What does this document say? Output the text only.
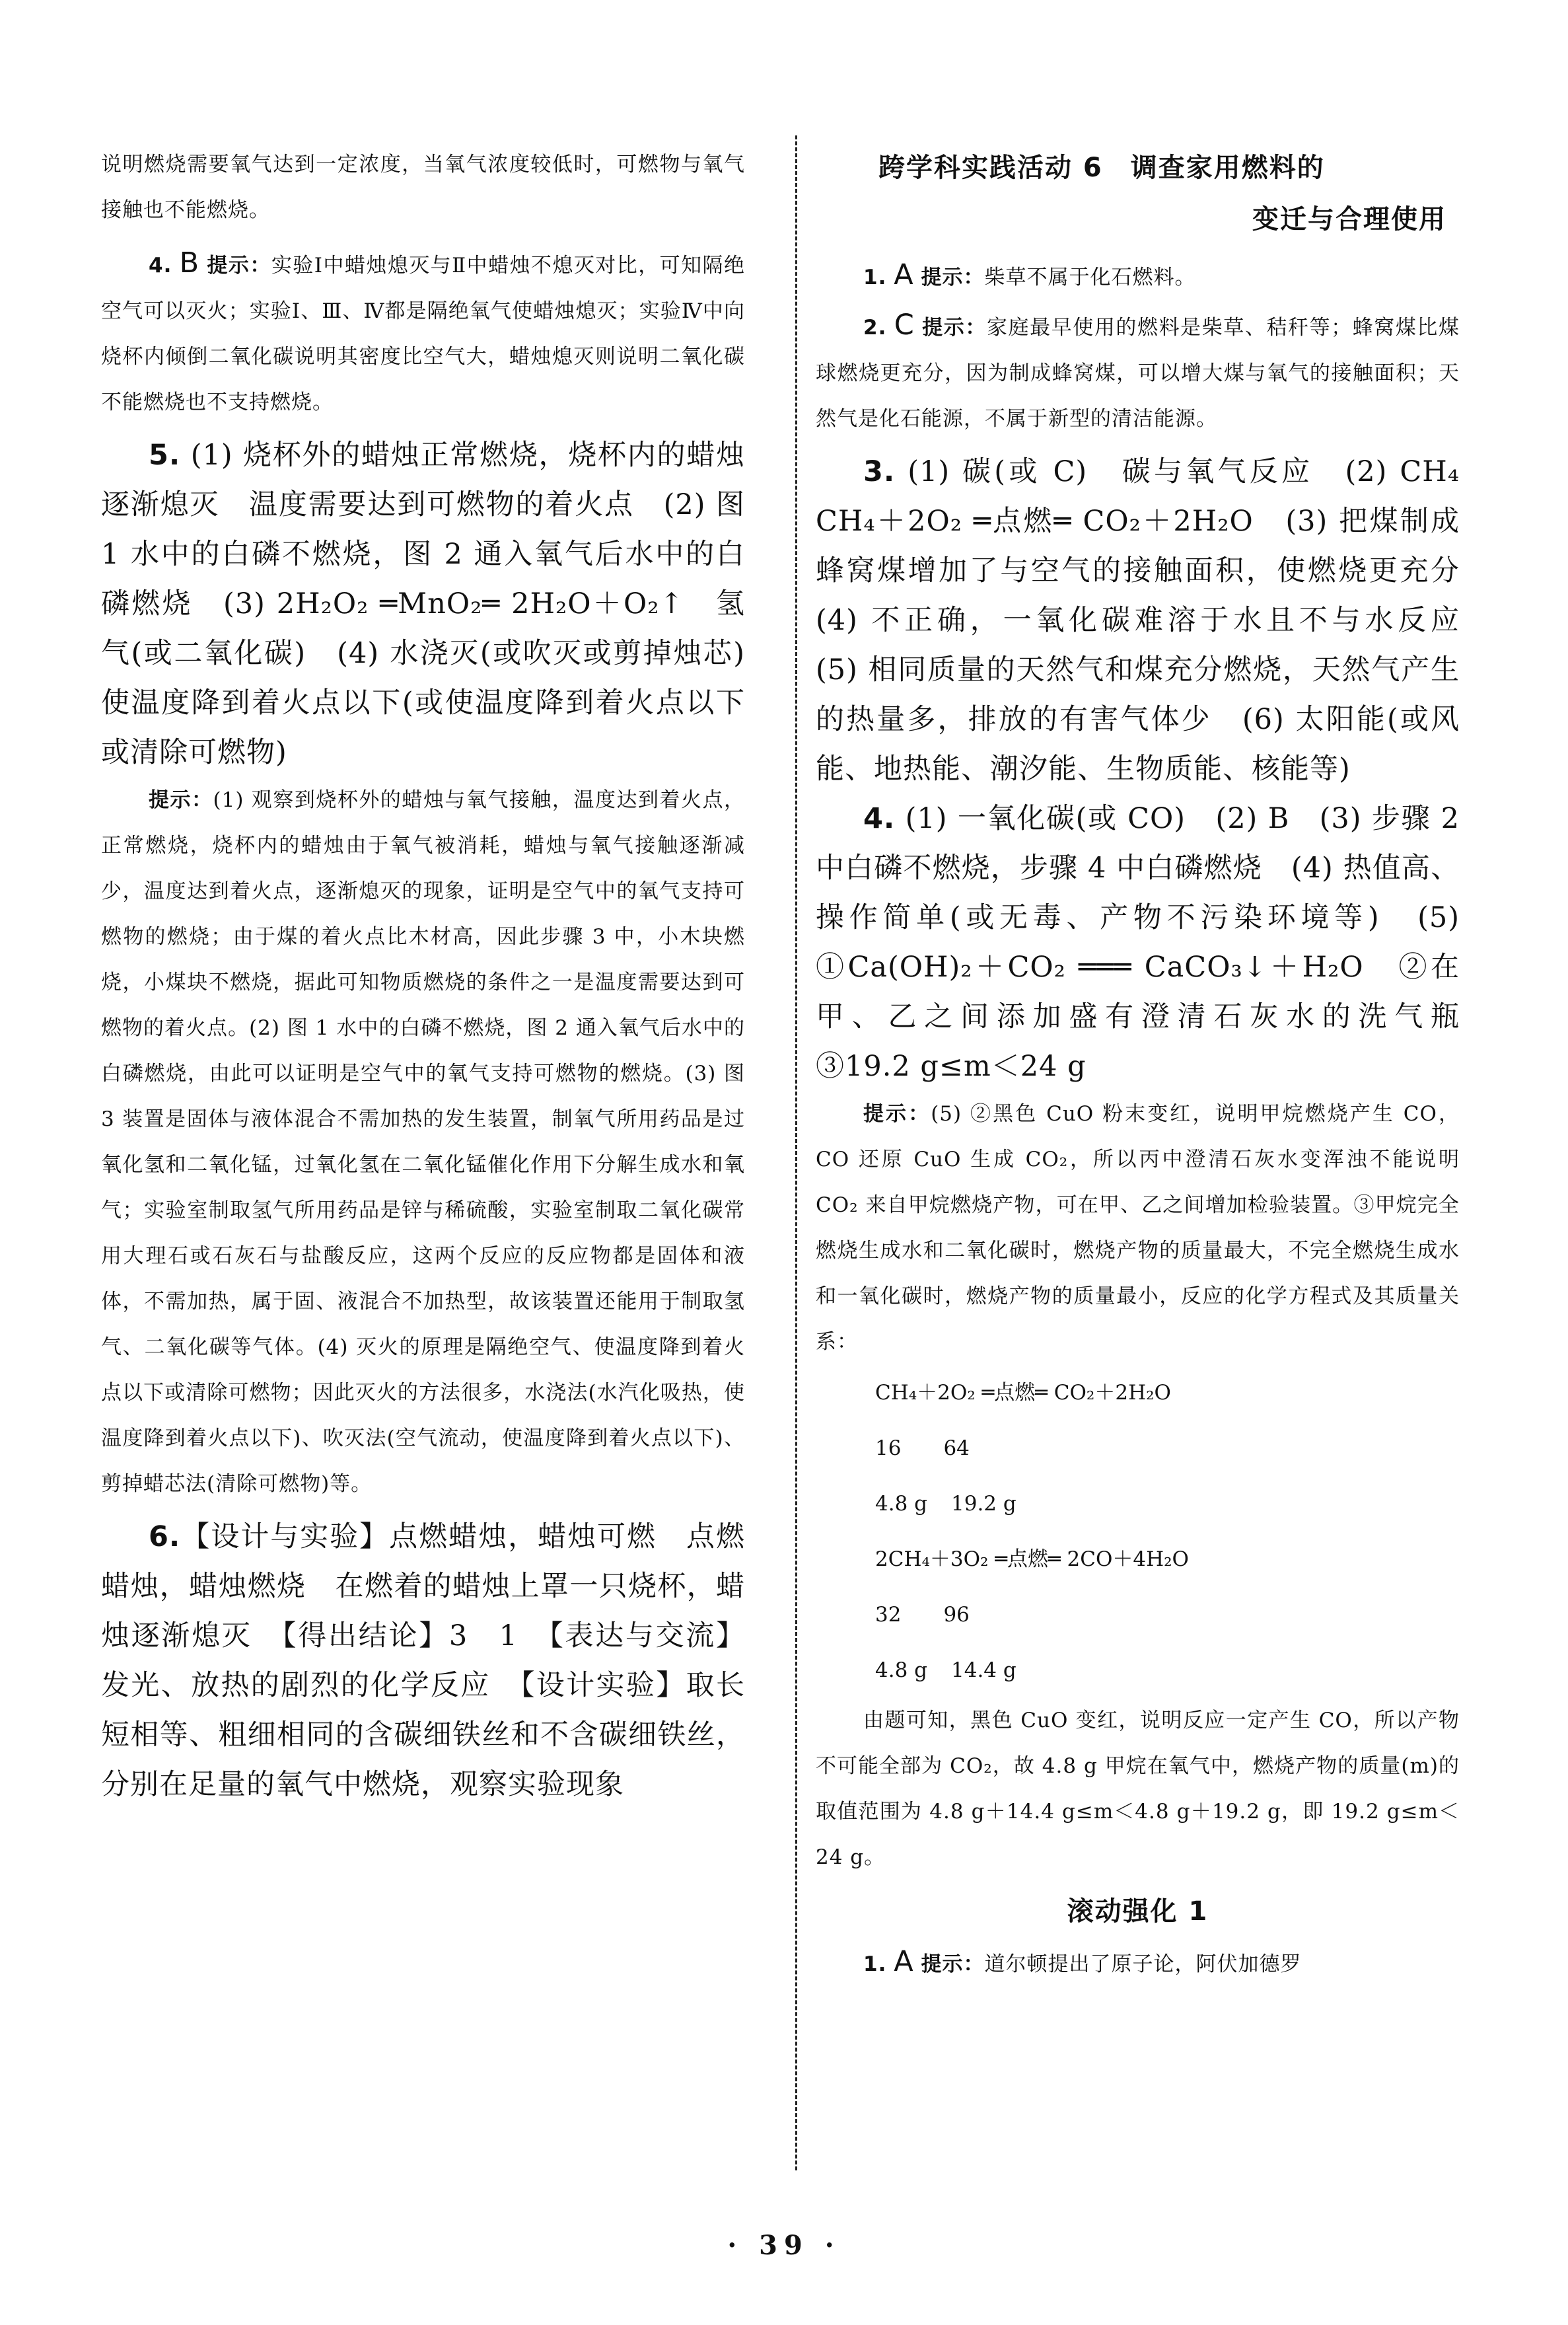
说明燃烧需要氧气达到一定浓度，当氧气浓度较低时，可燃物与氧气接触也不能燃烧。

4. B 提示：实验Ⅰ中蜡烛熄灭与Ⅱ中蜡烛不熄灭对比，可知隔绝空气可以灭火；实验Ⅰ、Ⅲ、Ⅳ都是隔绝氧气使蜡烛熄灭；实验Ⅳ中向烧杯内倾倒二氧化碳说明其密度比空气大，蜡烛熄灭则说明二氧化碳不能燃烧也不支持燃烧。

5. (1) 烧杯外的蜡烛正常燃烧，烧杯内的蜡烛逐渐熄灭　温度需要达到可燃物的着火点　(2) 图 1 水中的白磷不燃烧，图 2 通入氧气后水中的白磷燃烧　(3) 2H₂O₂ ═MnO₂═ 2H₂O＋O₂↑　氢气(或二氧化碳)　(4) 水浇灭(或吹灭或剪掉烛芯)　使温度降到着火点以下(或使温度降到着火点以下或清除可燃物)

提示：(1) 观察到烧杯外的蜡烛与氧气接触，温度达到着火点，正常燃烧，烧杯内的蜡烛由于氧气被消耗，蜡烛与氧气接触逐渐减少，温度达到着火点，逐渐熄灭的现象，证明是空气中的氧气支持可燃物的燃烧；由于煤的着火点比木材高，因此步骤 3 中，小木块燃烧，小煤块不燃烧，据此可知物质燃烧的条件之一是温度需要达到可燃物的着火点。(2) 图 1 水中的白磷不燃烧，图 2 通入氧气后水中的白磷燃烧，由此可以证明是空气中的氧气支持可燃物的燃烧。(3) 图 3 装置是固体与液体混合不需加热的发生装置，制氧气所用药品是过氧化氢和二氧化锰，过氧化氢在二氧化锰催化作用下分解生成水和氧气；实验室制取氢气所用药品是锌与稀硫酸，实验室制取二氧化碳常用大理石或石灰石与盐酸反应，这两个反应的反应物都是固体和液体，不需加热，属于固、液混合不加热型，故该装置还能用于制取氢气、二氧化碳等气体。(4) 灭火的原理是隔绝空气、使温度降到着火点以下或清除可燃物；因此灭火的方法很多，水浇法(水汽化吸热，使温度降到着火点以下)、吹灭法(空气流动，使温度降到着火点以下)、剪掉蜡芯法(清除可燃物)等。

6.【设计与实验】点燃蜡烛，蜡烛可燃　点燃蜡烛，蜡烛燃烧　在燃着的蜡烛上罩一只烧杯，蜡烛逐渐熄灭　【得出结论】3　1　【表达与交流】发光、放热的剧烈的化学反应　【设计实验】取长短相等、粗细相同的含碳细铁丝和不含碳细铁丝，分别在足量的氧气中燃烧，观察实验现象

跨学科实践活动 6　调查家用燃料的
变迁与合理使用

1. A 提示：柴草不属于化石燃料。

2. C 提示：家庭最早使用的燃料是柴草、秸秆等；蜂窝煤比煤球燃烧更充分，因为制成蜂窝煤，可以增大煤与氧气的接触面积；天然气是化石能源，不属于新型的清洁能源。

3. (1) 碳(或 C)　碳与氧气反应　(2) CH₄　CH₄＋2O₂ ═点燃═ CO₂＋2H₂O　(3) 把煤制成蜂窝煤增加了与空气的接触面积，使燃烧更充分　(4) 不正确，一氧化碳难溶于水且不与水反应　(5) 相同质量的天然气和煤充分燃烧，天然气产生的热量多，排放的有害气体少　(6) 太阳能(或风能、地热能、潮汐能、生物质能、核能等)

4. (1) 一氧化碳(或 CO)　(2) B　(3) 步骤 2 中白磷不燃烧，步骤 4 中白磷燃烧　(4) 热值高、操作简单(或无毒、产物不污染环境等)　(5) ①Ca(OH)₂＋CO₂ ═══ CaCO₃↓＋H₂O　②在甲、乙之间添加盛有澄清石灰水的洗气瓶　③19.2 g≤m＜24 g

提示：(5) ②黑色 CuO 粉末变红，说明甲烷燃烧产生 CO，CO 还原 CuO 生成 CO₂，所以丙中澄清石灰水变浑浊不能说明 CO₂ 来自甲烷燃烧产物，可在甲、乙之间增加检验装置。③甲烷完全燃烧生成水和二氧化碳时，燃烧产物的质量最大，不完全燃烧生成水和一氧化碳时，燃烧产物的质量最小，反应的化学方程式及其质量关系：

CH₄＋2O₂ ═点燃═ CO₂＋2H₂O
16 64
4.8 g 19.2 g
2CH₄＋3O₂ ═点燃═ 2CO＋4H₂O
32 96
4.8 g 14.4 g

由题可知，黑色 CuO 变红，说明反应一定产生 CO，所以产物不可能全部为 CO₂，故 4.8 g 甲烷在氧气中，燃烧产物的质量(m)的取值范围为 4.8 g＋14.4 g≤m＜4.8 g＋19.2 g，即 19.2 g≤m＜24 g。

滚动强化 1

1. A 提示：道尔顿提出了原子论，阿伏加德罗

· 39 ·
